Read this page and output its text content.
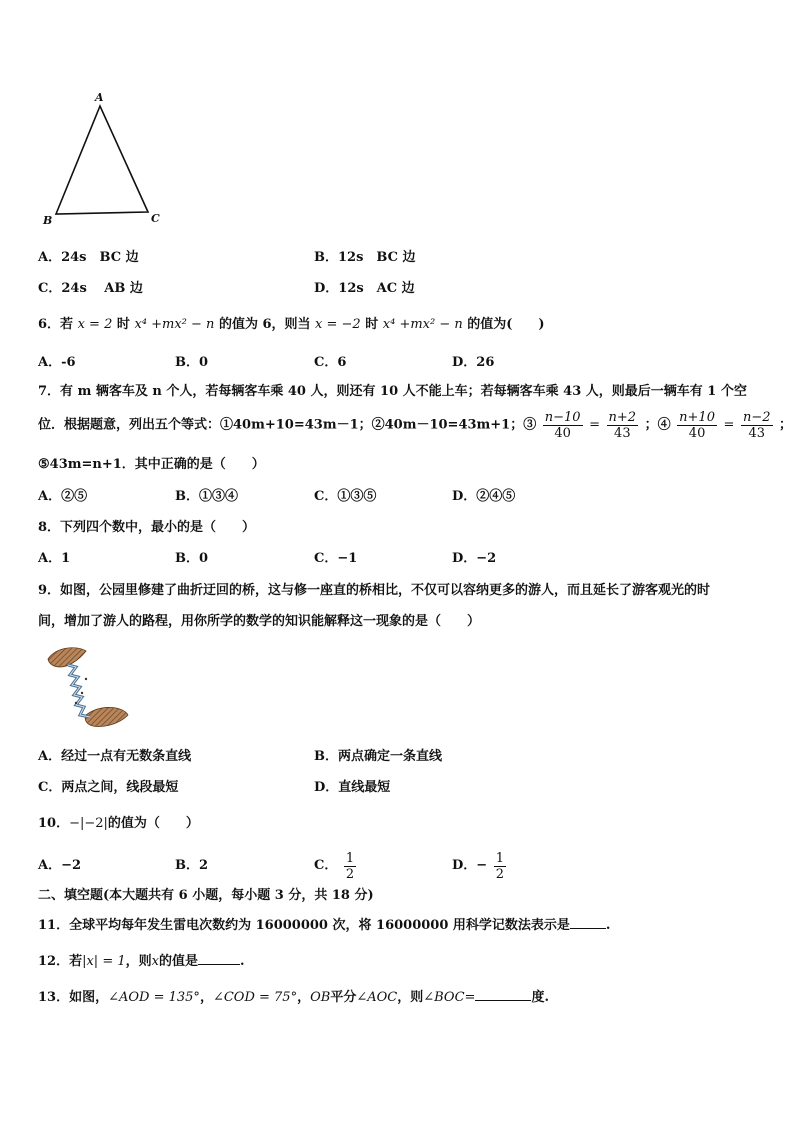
A
B	C
A．24s　BC 边	B．12s　BC 边
C．24s　 AB 边	D．12s　AC 边
6．若 x = 2 时 x⁴ +mx² − n 的值为 6，则当 x = −2 时 x⁴ +mx² − n 的值为(　　)
A．-6	B．0	C．6	D．26
7．有 m 辆客车及 n 个人，若每辆客车乘 40 人，则还有 10 人不能上车；若每辆客车乘 43 人，则最后一辆车有 1 个空
位．根据题意，列出五个等式：①40m+10=43m－1；②40m－10=43m+1；③ $\frac{n-10}{40} = \frac{n+2}{43}$ ；④ $\frac{n+10}{40} = \frac{n-2}{43}$ ；
⑤43m=n+1．其中正确的是（　　）
A．②⑤	B．①③④	C．①③⑤	D．②④⑤
8．下列四个数中，最小的是（　　）
A．1	B．0	C．−1	D．−2
9．如图，公园里修建了曲折迂回的桥，这与修一座直的桥相比，不仅可以容纳更多的游人，而且延长了游客观光的时
间，增加了游人的路程，用你所学的数学的知识能解释这一现象的是（　　）
A．经过一点有无数条直线	B．两点确定一条直线
C．两点之间，线段最短	D．直线最短
10．−|−2|的值为（　　）
A．−2	B．2	C． $\frac{1}{2}$	D．− $\frac{1}{2}$
二、填空题(本大题共有 6 小题，每小题 3 分，共 18 分)
11．全球平均每年发生雷电次数约为 16000000 次，将 16000000 用科学记数法表示是	.
12．若|x| = 1，则x的值是	.
13．如图，∠AOD = 135°，∠COD = 75°，OB平分∠AOC，则∠BOC=	度.
